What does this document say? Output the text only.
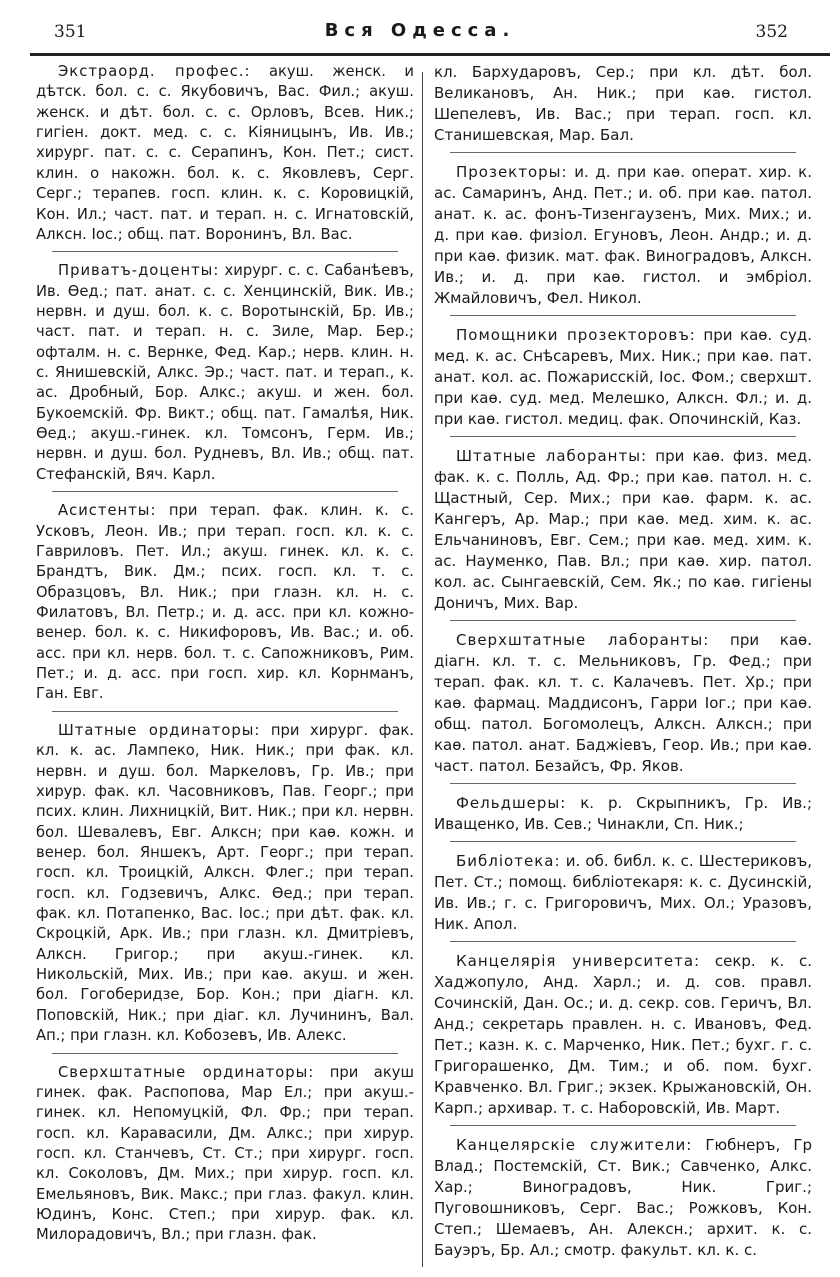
351	Вся Одесса.	352

Экстраорд. профес.: акуш. женск. и дѣтск. бол. с. с. Якубовичъ, Вас. Фил.; акуш. женск. и дѣт. бол. с. с. Орловъ, Всев. Ник.; гигіен. докт. мед. с. с. Кіяницынъ, Ив. Ив.; хирург. пат. с. с. Серапинъ, Кон. Пет.; сист. клин. о накожн. бол. к. с. Яковлевъ, Серг. Серг.; терапев. госп. клин. к. с. Коровицкій, Кон. Ил.; част. пат. и терап. н. с. Игнатовскій, Алксн. Іос.; общ. пат. Воронинъ, Вл. Вас.

Приватъ-доценты: хирург. с. с. Сабанѣевъ, Ив. Ѳед.; пат. анат. с. с. Хенцинскій, Вик. Ив.; нервн. и душ. бол. к. с. Воротынскій, Бр. Ив.; част. пат. и терап. н. с. Зиле, Мар. Бер.; офталм. н. с. Вернке, Фед. Кар.; нерв. клин. н. с. Янишевскій, Алкс. Эр.; част. пат. и терап., к. ас. Дробный, Бор. Алкс.; акуш. и жен. бол. Букоемскій. Фр. Викт.; общ. пат. Гамалѣя, Ник. Ѳед.; акуш.-гинек. кл. Томсонъ, Герм. Ив.; нервн. и душ. бол. Рудневъ, Вл. Ив.; общ. пат. Стефанскій, Вяч. Карл.

Асистенты: при терап. фак. клин. к. с. Усковъ, Леон. Ив.; при терап. госп. кл. к. с. Гавриловъ. Пет. Ил.; акуш. гинек. кл. к. с. Брандтъ, Вик. Дм.; псих. госп. кл. т. с. Образцовъ, Вл. Ник.; при глазн. кл. н. с. Филатовъ, Вл. Петр.; и. д. асс. при кл. кожно-венер. бол. к. с. Никифоровъ, Ив. Вас.; и. об. асс. при кл. нерв. бол. т. с. Сапожниковъ, Рим. Пет.; и. д. асс. при госп. хир. кл. Корнманъ, Ган. Евг.

Штатные ординаторы: при хирург. фак. кл. к. ас. Лампеко, Ник. Ник.; при фак. кл. нервн. и душ. бол. Маркеловъ, Гр. Ив.; при хирур. фак. кл. Часовниковъ, Пав. Георг.; при псих. клин. Лихницкій, Вит. Ник.; при кл. нервн. бол. Шевалевъ, Евг. Алксн; при каѳ. кожн. и венер. бол. Яншекъ, Арт. Георг.; при терап. госп. кл. Троицкій, Алксн. Флег.; при терап. госп. кл. Годзевичъ, Алкс. Ѳед.; при терап. фак. кл. Потапенко, Вас. Іос.; при дѣт. фак. кл. Скроцкій, Арк. Ив.; при глазн. кл. Дмитріевъ, Алксн. Григор.; при акуш.-гинек. кл. Никольскій, Мих. Ив.; при каѳ. акуш. и жен. бол. Гогоберидзе, Бор. Кон.; при діагн. кл. Поповскій, Ник.; при діаг. кл. Лучининъ, Вал. Ап.; при глазн. кл. Кобозевъ, Ив. Алекс.

Сверхштатные ординаторы: при акуш гинек. фак. Распопова, Мар Ел.; при акуш.-гинек. кл. Непомуцкій, Фл. Фр.; при терап. госп. кл. Каравасили, Дм. Алкс.; при хирур. госп. кл. Станчевъ, Ст. Ст.; при хирург. госп. кл. Соколовъ, Дм. Мих.; при хирур. госп. кл. Емельяновъ, Вик. Макс.; при глаз. факул. клин. Юдинъ, Конс. Степ.; при хирур. фак. кл. Милорадовичъ, Вл.; при глазн. фак.

кл. Бархударовъ, Сер.; при кл. дѣт. бол. Великановъ, Ан. Ник.; при каѳ. гистол. Шепелевъ, Ив. Вас.; при терап. госп. кл. Станишевская, Мар. Бал.

Прозекторы: и. д. при каѳ. операт. хир. к. ас. Самаринъ, Анд. Пет.; и. об. при каѳ. патол. анат. к. ас. фонъ-Тизенгаузенъ, Мих. Мих.; и. д. при каѳ. физіол. Егуновъ, Леон. Андр.; и. д. при каѳ. физик. мат. фак. Виноградовъ, Алксн. Ив.; и. д. при каѳ. гистол. и эмбріол. Жмайловичъ, Фел. Никол.

Помощники прозекторовъ: при каѳ. суд. мед. к. ас. Снѣсаревъ, Мих. Ник.; при каѳ. пат. анат. кол. ас. Пожарисскій, Іос. Фом.; сверхшт. при каѳ. суд. мед. Мелешко, Алксн. Фл.; и. д. при каѳ. гистол. медиц. фак. Опочинскій, Каз.

Штатные лаборанты: при каѳ. физ. мед. фак. к. с. Полль, Ад. Фр.; при каѳ. патол. н. с. Щастный, Сер. Мих.; при каѳ. фарм. к. ас. Кангеръ, Ар. Мар.; при каѳ. мед. хим. к. ас. Ельчаниновъ, Евг. Сем.; при каѳ. мед. хим. к. ас. Науменко, Пав. Вл.; при каѳ. хир. патол. кол. ас. Сынгаевскій, Сем. Як.; по каѳ. гигіены Доничъ, Мих. Вар.

Сверхштатные лаборанты: при каѳ. діагн. кл. т. с. Мельниковъ, Гр. Фед.; при терап. фак. кл. т. с. Калачевъ. Пет. Хр.; при каѳ. фармац. Маддисонъ, Гарри Іог.; при каѳ. общ. патол. Богомолецъ, Алксн. Алксн.; при каѳ. патол. анат. Баджіевъ, Геор. Ив.; при каѳ. част. патол. Безайсъ, Фр. Яков.

Фельдшеры: к. р. Скрыпникъ, Гр. Ив.; Иващенко, Ив. Сев.; Чинакли, Сп. Ник.;

Библіотека: и. об. библ. к. с. Шестериковъ, Пет. Ст.; помощ. библіотекаря: к. с. Дусинскій, Ив. Ив.; г. с. Григоровичъ, Мих. Ол.; Уразовъ, Ник. Апол.

Канцелярія университета: секр. к. с. Хаджопуло, Анд. Харл.; и. д. сов. правл. Сочинскій, Дан. Ос.; и. д. секр. сов. Геричъ, Вл. Анд.; секретарь правлен. н. с. Ивановъ, Фед. Пет.; казн. к. с. Марченко, Ник. Пет.; бухг. г. с. Григорашенко, Дм. Тим.; и об. пом. бухг. Кравченко. Вл. Григ.; экзек. Крыжановскій, Он. Карп.; архивар. т. с. Наборовскій, Ив. Март.

Канцелярскіе служители: Гюбнеръ, Гр Влад.; Постемскій, Ст. Вик.; Савченко, Алкс. Хар.; Виноградовъ, Ник. Григ.; Пуговошниковъ, Серг. Вас.; Рожковъ, Кон. Степ.; Шемаевъ, Ан. Алексн.; архит. к. с. Бауэръ, Бр. Ал.; смотр. факульт. кл. к. с.
